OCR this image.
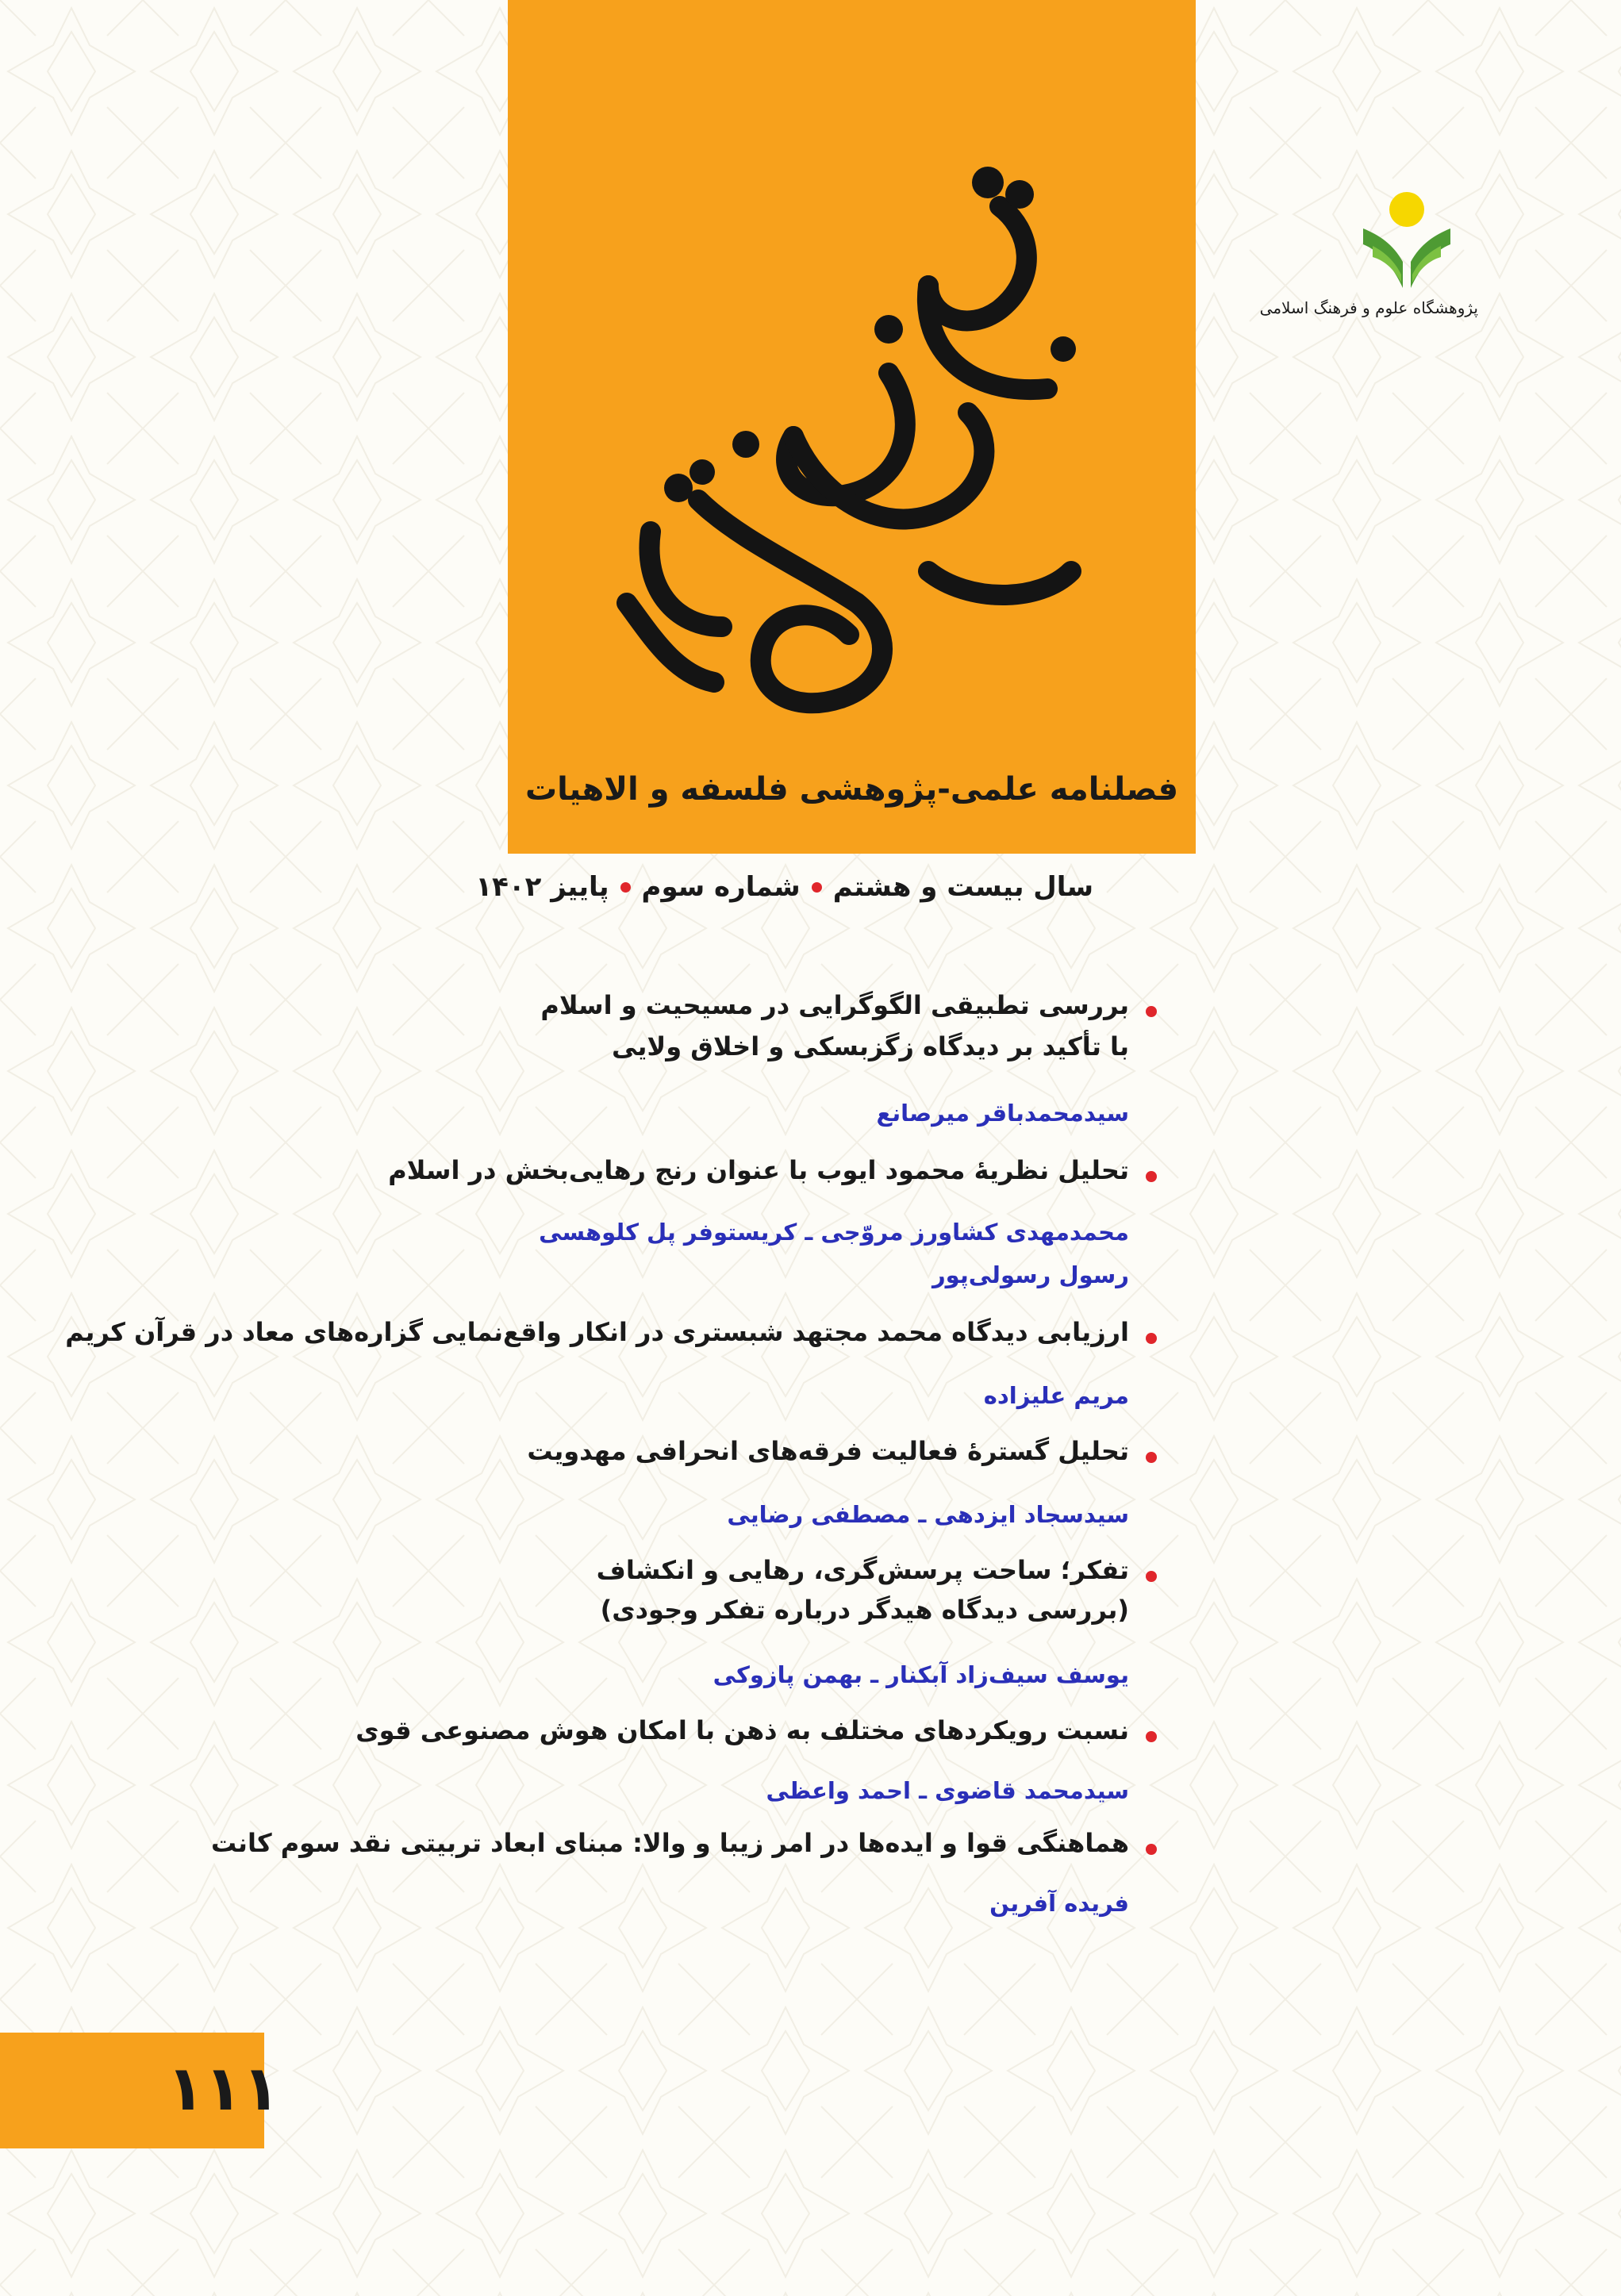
فصلنامه علمی-پژوهشی فلسفه و الاهیات
سال بیست و هشتم
شماره سوم
پاییز ۱۴۰۲
پژوهشگاه علوم و فرهنگ اسلامی
بررسی تطبیقی الگوگرایی در مسیحیت و اسلام
با تأکید بر دیدگاه زگزبسکی و اخلاق ولایی
سیدمحمدباقر میرصانع
تحلیل نظریهٔ محمود ایوب با عنوان رنج رهایی‌بخش در اسلام
محمدمهدی کشاورز مروّجی ـ کریستوفر پل کلوهسی
رسول رسولی‌پور
ارزیابی دیدگاه محمد مجتهد شبستری در انکار واقع‌نمایی گزاره‌های معاد در قرآن کریم
مریم علیزاده
تحلیل گسترهٔ فعالیت فرقه‌های انحرافی مهدویت
سیدسجاد ایزدهی ـ مصطفی رضایی
تفکر؛ ساحت پرسش‌گری، رهایی و انکشاف
(بررسی دیدگاه هیدگر درباره تفکر وجودی)
یوسف سیف‌زاد آبکنار ـ بهمن پازوکی
نسبت رویکردهای مختلف به ذهن با امکان هوش مصنوعی قوی
سیدمحمد قاضوی ـ احمد واعظی
هماهنگی قوا و ایده‌ها در امر زیبا و والا: مبنای ابعاد تربیتی نقد سوم کانت
فریده آفرین
۱۱۱
